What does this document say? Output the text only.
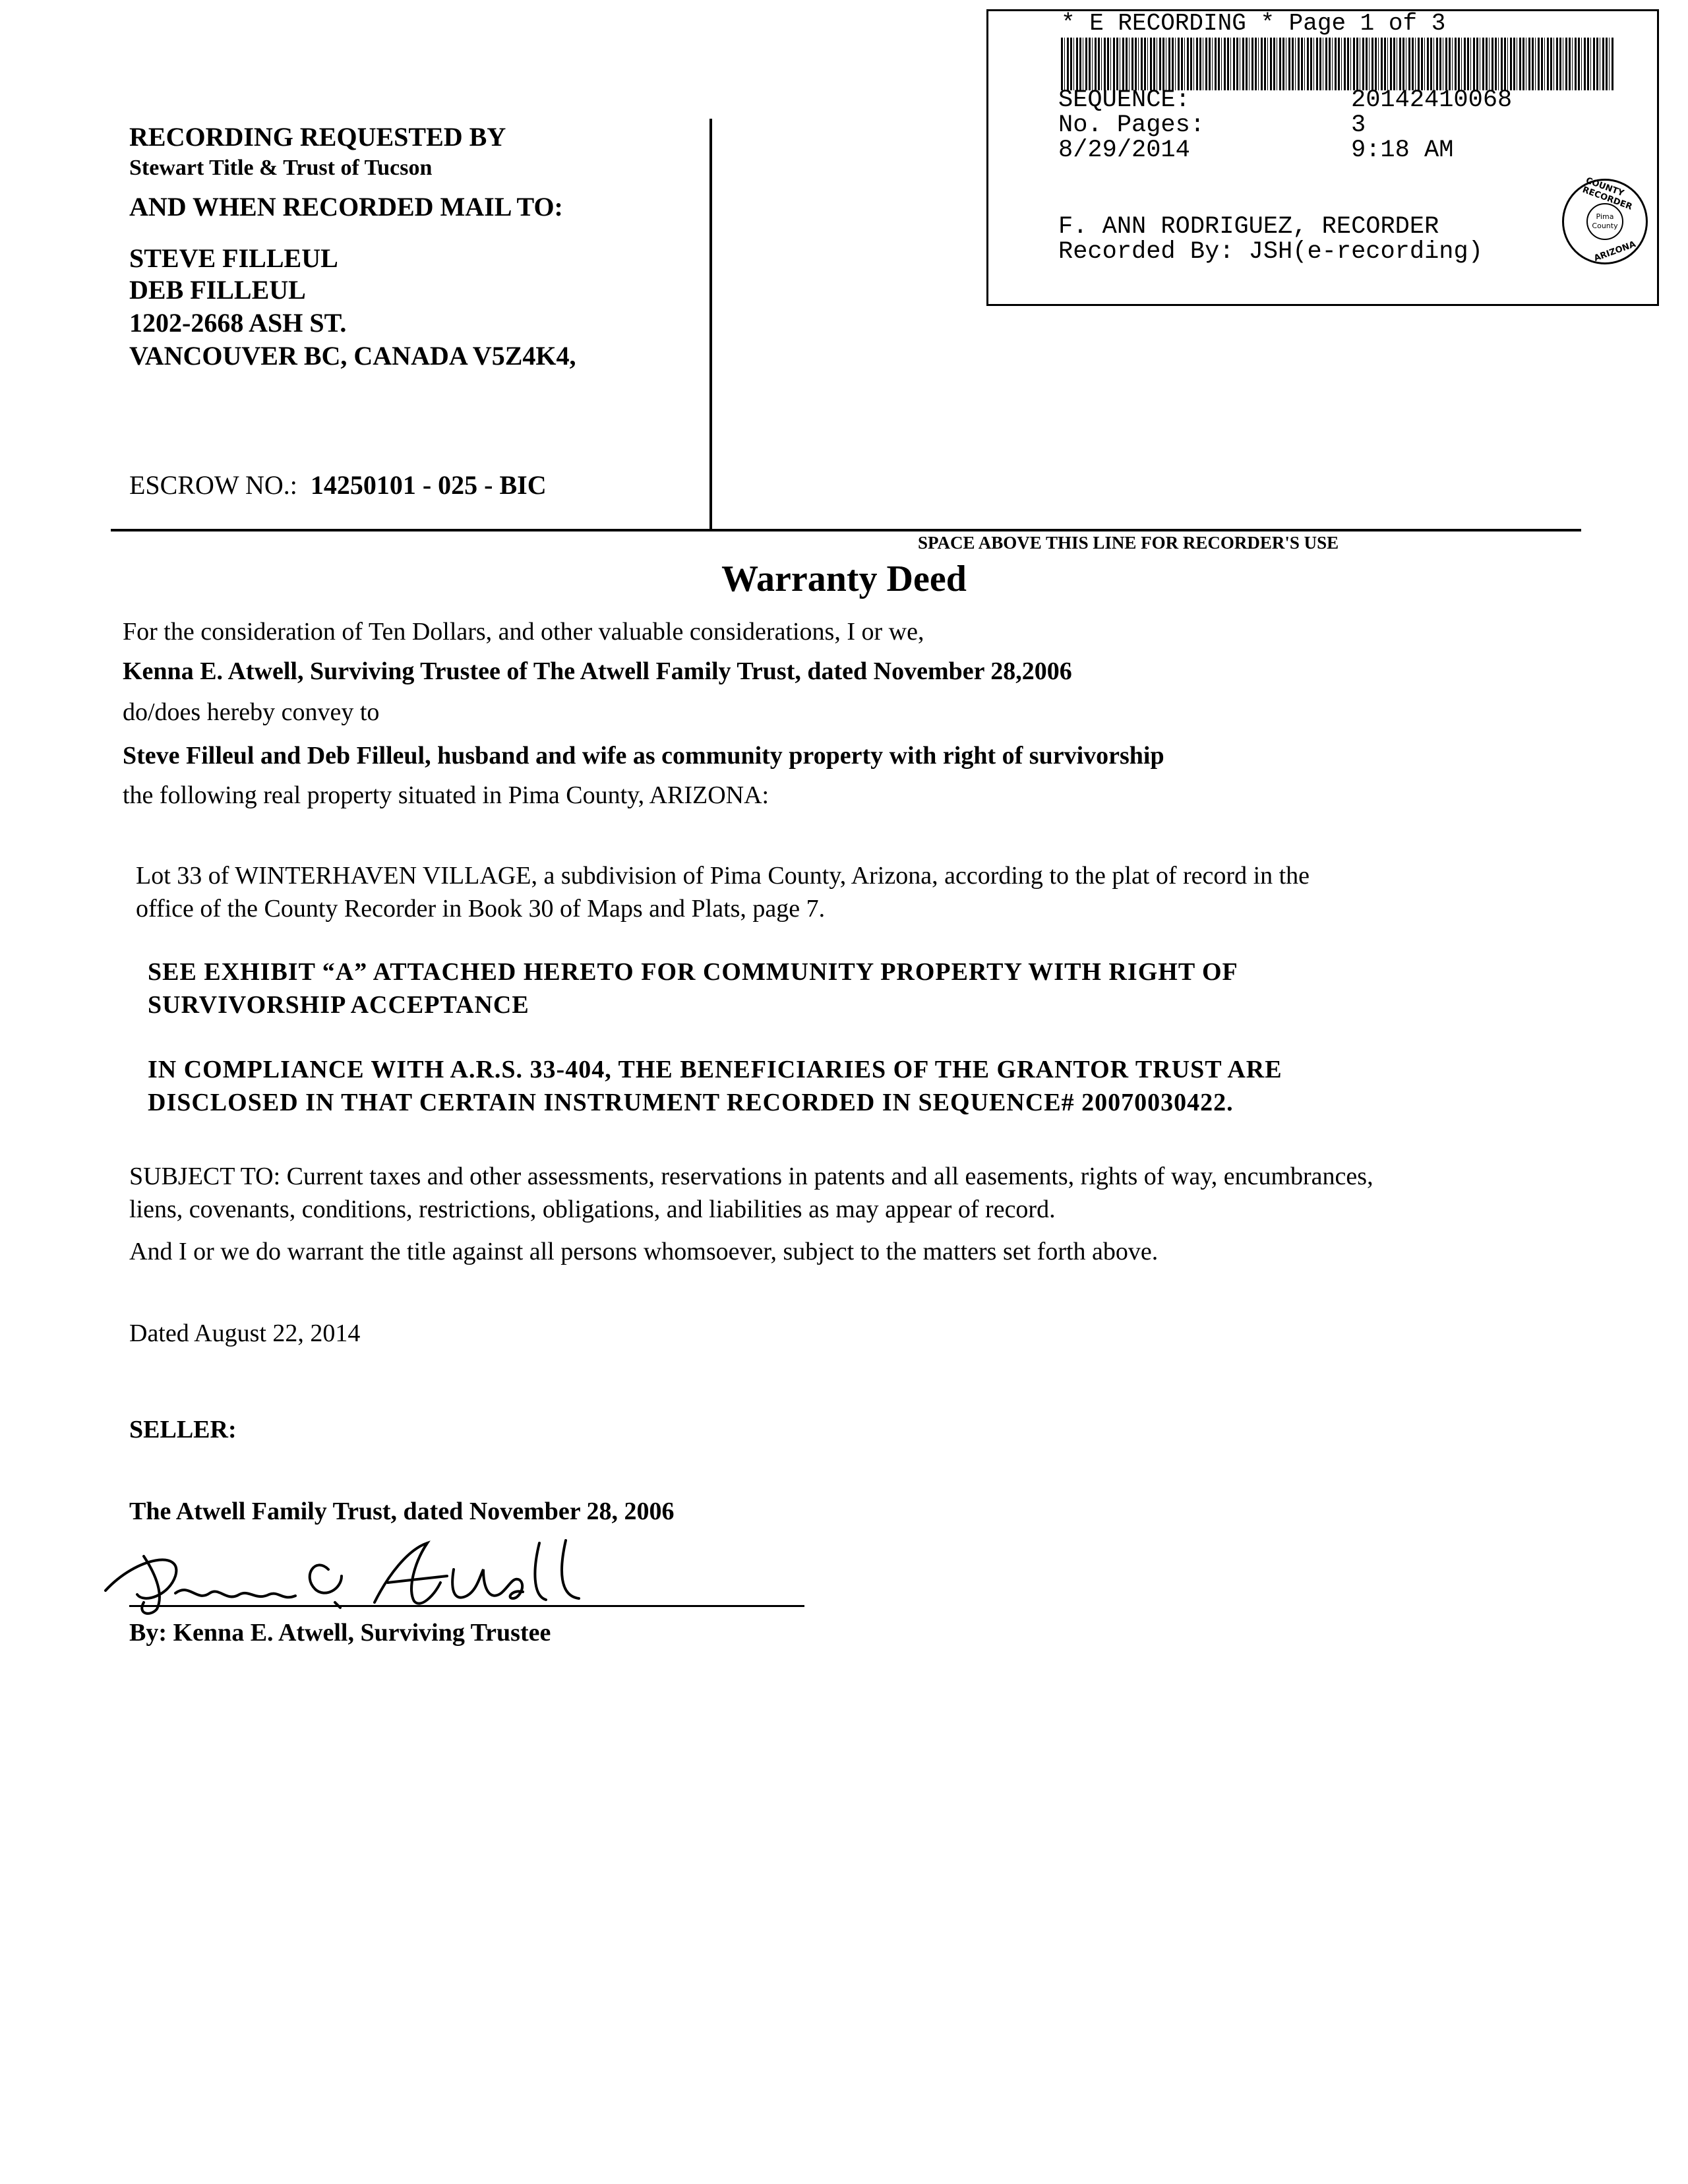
RECORDING REQUESTED BY
Stewart Title & Trust of Tucson
AND WHEN RECORDED MAIL TO:
STEVE FILLEUL
DEB FILLEUL
1202-2668 ASH ST.
VANCOUVER BC, CANADA V5Z4K4,
ESCROW NO.: 14250101 - 025 - BIC
SPACE ABOVE THIS LINE FOR RECORDER'S USE
* E RECORDING * Page 1 of 3
SEQUENCE:	20142410068
No. Pages:	3
8/29/2014	9:18 AM
F. ANN RODRIGUEZ, RECORDER
Recorded By: JSH(e-recording)
COUNTY RECORDER
Pima
County
ARIZONA
Warranty Deed
For the consideration of Ten Dollars, and other valuable considerations, I or we,
Kenna E. Atwell, Surviving Trustee of The Atwell Family Trust, dated November 28,2006
do/does hereby convey to
Steve Filleul and Deb Filleul, husband and wife as community property with right of survivorship
the following real property situated in Pima County, ARIZONA:
Lot 33 of WINTERHAVEN VILLAGE, a subdivision of Pima County, Arizona, according to the plat of record in the
office of the County Recorder in Book 30 of Maps and Plats, page 7.
SEE EXHIBIT “A” ATTACHED HERETO FOR COMMUNITY PROPERTY WITH RIGHT OF
SURVIVORSHIP ACCEPTANCE
IN COMPLIANCE WITH A.R.S. 33-404, THE BENEFICIARIES OF THE GRANTOR TRUST ARE
DISCLOSED IN THAT CERTAIN INSTRUMENT RECORDED IN SEQUENCE# 20070030422.
SUBJECT TO: Current taxes and other assessments, reservations in patents and all easements, rights of way, encumbrances,
liens, covenants, conditions, restrictions, obligations, and liabilities as may appear of record.
And I or we do warrant the title against all persons whomsoever, subject to the matters set forth above.
Dated August 22, 2014
SELLER:
The Atwell Family Trust, dated November 28, 2006
By: Kenna E. Atwell, Surviving Trustee
